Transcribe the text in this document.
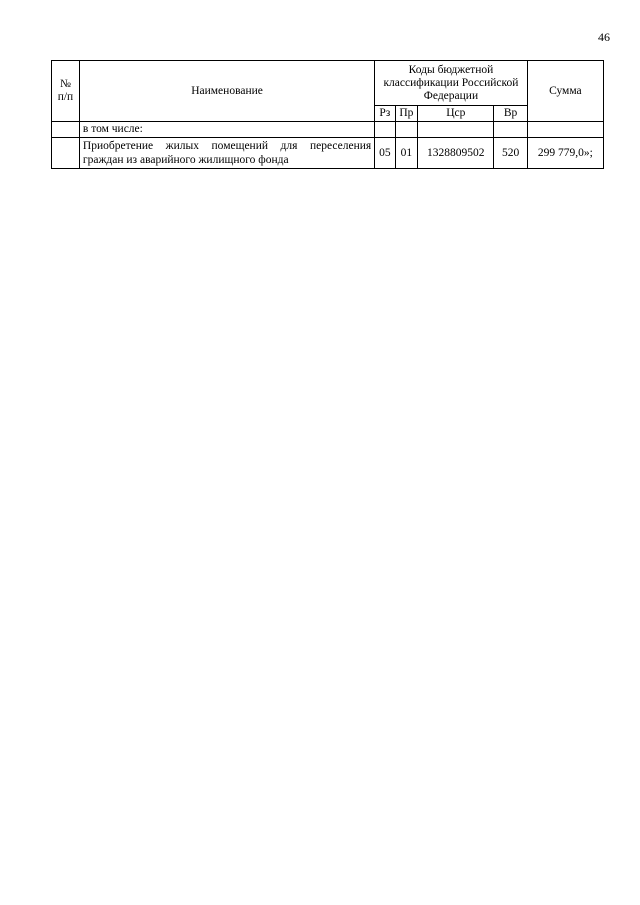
46
№ п/п	Наименование	Коды бюджетной классификации Российской Федерации				Сумма
		Рз	Пр	Цср	Вр	
	в том числе:					
	Приобретение жилых помещений для переселения граждан из аварийного жилищного фонда	05	01	1328809502	520	299 779,0»;
